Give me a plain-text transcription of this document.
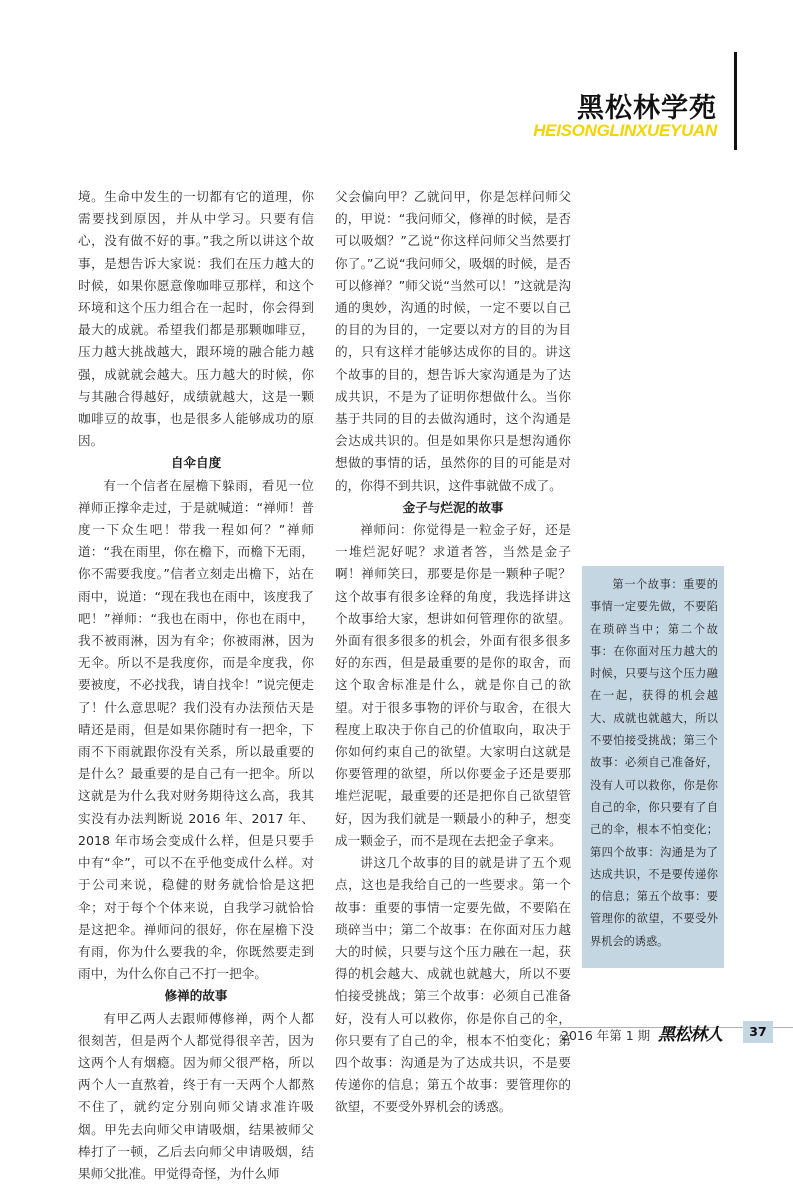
黑松林学苑
HEISONGLINXUEYUAN

境。生命中发生的一切都有它的道理，你需要找到原因，并从中学习。只要有信心，没有做不好的事。”我之所以讲这个故事，是想告诉大家说：我们在压力越大的时候，如果你愿意像咖啡豆那样，和这个环境和这个压力组合在一起时，你会得到最大的成就。希望我们都是那颗咖啡豆，压力越大挑战越大，跟环境的融合能力越强，成就就会越大。压力越大的时候，你与其融合得越好，成绩就越大，这是一颗咖啡豆的故事，也是很多人能够成功的原因。

自伞自度

有一个信者在屋檐下躲雨，看见一位禅师正撑伞走过，于是就喊道：“禅师！普度一下众生吧！带我一程如何？”禅师道：“我在雨里，你在檐下，而檐下无雨，你不需要我度。”信者立刻走出檐下，站在雨中，说道：“现在我也在雨中，该度我了吧！”禅师：“我也在雨中，你也在雨中，我不被雨淋，因为有伞；你被雨淋，因为无伞。所以不是我度你，而是伞度我，你要被度，不必找我，请自找伞！”说完便走了！什么意思呢？我们没有办法预估天是晴还是雨，但是如果你随时有一把伞，下雨不下雨就跟你没有关系，所以最重要的是什么？最重要的是自己有一把伞。所以这就是为什么我对财务期待这么高，我其实没有办法判断说 2016 年、2017 年、2018 年市场会变成什么样，但是只要手中有“伞”，可以不在乎他变成什么样。对于公司来说，稳健的财务就恰恰是这把伞；对于每个个体来说，自我学习就恰恰是这把伞。禅师问的很好，你在屋檐下没有雨，你为什么要我的伞，你既然要走到雨中，为什么你自己不打一把伞。

修禅的故事

有甲乙两人去跟师傅修禅，两个人都很刻苦，但是两个人都觉得很辛苦，因为这两个人有烟瘾。因为师父很严格，所以两个人一直熬着，终于有一天两个人都熬不住了，就约定分别向师父请求准许吸烟。甲先去向师父申请吸烟，结果被师父棒打了一顿，乙后去向师父申请吸烟，结果师父批准。甲觉得奇怪，为什么师

父会偏向甲？乙就问甲，你是怎样问师父的，甲说：“我问师父，修禅的时候，是否可以吸烟？”乙说“你这样问师父当然要打你了。”乙说“我问师父，吸烟的时候，是否可以修禅？”师父说“当然可以！”这就是沟通的奥妙，沟通的时候，一定不要以自己的目的为目的，一定要以对方的目的为目的，只有这样才能够达成你的目的。讲这个故事的目的，想告诉大家沟通是为了达成共识，不是为了证明你想做什么。当你基于共同的目的去做沟通时，这个沟通是会达成共识的。但是如果你只是想沟通你想做的事情的话，虽然你的目的可能是对的，你得不到共识，这件事就做不成了。

金子与烂泥的故事

禅师问：你觉得是一粒金子好，还是一堆烂泥好呢？求道者答，当然是金子啊！禅师笑曰，那要是你是一颗种子呢？这个故事有很多诠释的角度，我选择讲这个故事给大家，想讲如何管理你的欲望。外面有很多很多的机会，外面有很多很多好的东西，但是最重要的是你的取舍，而这个取舍标准是什么，就是你自己的欲望。对于很多事物的评价与取舍，在很大程度上取决于你自己的价值取向，取决于你如何约束自己的欲望。大家明白这就是你要管理的欲望，所以你要金子还是要那堆烂泥呢，最重要的还是把你自己欲望管好，因为我们就是一颗最小的种子，想变成一颗金子，而不是现在去把金子拿来。

讲这几个故事的目的就是讲了五个观点，这也是我给自己的一些要求。第一个故事：重要的事情一定要先做，不要陷在琐碎当中；第二个故事：在你面对压力越大的时候，只要与这个压力融在一起，获得的机会越大、成就也就越大，所以不要怕接受挑战；第三个故事：必须自己准备好，没有人可以救你，你是你自己的伞，你只要有了自己的伞，根本不怕变化；第四个故事：沟通是为了达成共识，不是要传递你的信息；第五个故事：要管理你的欲望，不要受外界机会的诱惑。

第一个故事：重要的事情一定要先做，不要陷在琐碎当中；第二个故事：在你面对压力越大的时候，只要与这个压力融在一起，获得的机会越大、成就也就越大，所以不要怕接受挑战；第三个故事：必须自己准备好，没有人可以救你，你是你自己的伞，你只要有了自己的伞，根本不怕变化；第四个故事：沟通是为了达成共识，不是要传递你的信息；第五个故事：要管理你的欲望，不要受外界机会的诱惑。
2016 年第 1 期 黑松林人	37
